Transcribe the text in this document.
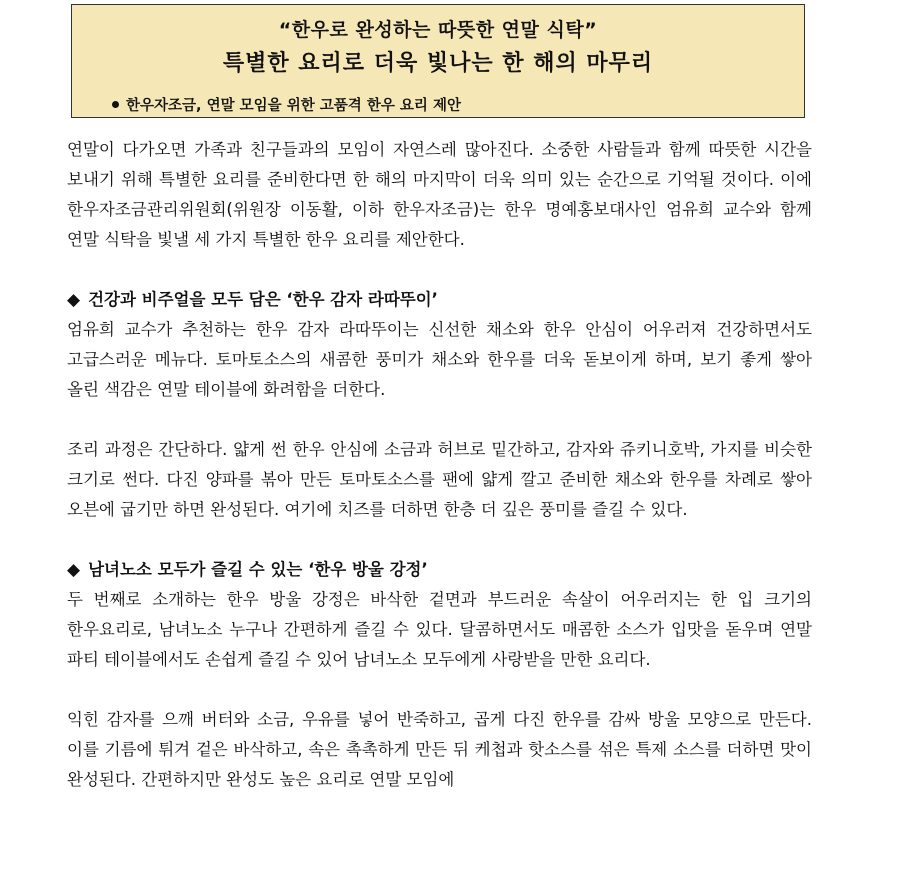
“한우로 완성하는 따뜻한 연말 식탁”
특별한 요리로 더욱 빛나는 한 해의 마무리
한우자조금, 연말 모임을 위한 고품격 한우 요리 제안

연말이 다가오면 가족과 친구들과의 모임이 자연스레 많아진다. 소중한 사람들과 함께 따뜻한 시간을 보내기 위해 특별한 요리를 준비한다면 한 해의 마지막이 더욱 의미 있는 순간으로 기억될 것이다. 이에 한우자조금관리위원회(위원장 이동활, 이하 한우자조금)는 한우 명예홍보대사인 엄유희 교수와 함께 연말 식탁을 빛낼 세 가지 특별한 한우 요리를 제안한다.

◆ 건강과 비주얼을 모두 담은 ‘한우 감자 라따뚜이’

엄유희 교수가 추천하는 한우 감자 라따뚜이는 신선한 채소와 한우 안심이 어우러져 건강하면서도 고급스러운 메뉴다. 토마토소스의 새콤한 풍미가 채소와 한우를 더욱 돋보이게 하며, 보기 좋게 쌓아 올린 색감은 연말 테이블에 화려함을 더한다.

조리 과정은 간단하다. 얇게 썬 한우 안심에 소금과 허브로 밑간하고, 감자와 쥬키니호박, 가지를 비슷한 크기로 썬다. 다진 양파를 볶아 만든 토마토소스를 팬에 얇게 깔고 준비한 채소와 한우를 차례로 쌓아 오븐에 굽기만 하면 완성된다. 여기에 치즈를 더하면 한층 더 깊은 풍미를 즐길 수 있다.

◆ 남녀노소 모두가 즐길 수 있는 ‘한우 방울 강정’

두 번째로 소개하는 한우 방울 강정은 바삭한 겉면과 부드러운 속살이 어우러지는 한 입 크기의 한우요리로, 남녀노소 누구나 간편하게 즐길 수 있다. 달콤하면서도 매콤한 소스가 입맛을 돋우며 연말 파티 테이블에서도 손쉽게 즐길 수 있어 남녀노소 모두에게 사랑받을 만한 요리다.

익힌 감자를 으깨 버터와 소금, 우유를 넣어 반죽하고, 곱게 다진 한우를 감싸 방울 모양으로 만든다. 이를 기름에 튀겨 겉은 바삭하고, 속은 촉촉하게 만든 뒤 케첩과 핫소스를 섞은 특제 소스를 더하면 맛이 완성된다. 간편하지만 완성도 높은 요리로 연말 모임에
